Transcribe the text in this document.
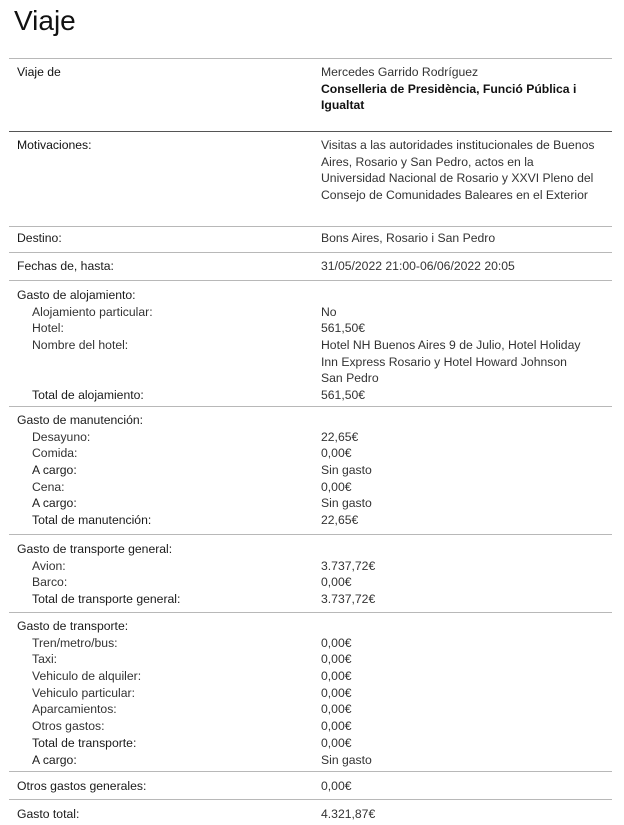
Viaje
Viaje de	Mercedes Garrido Rodríguez
Conselleria de Presidència, Funció Pública i Igualtat
Motivaciones:	Visitas a las autoridades institucionales de Buenos Aires, Rosario y San Pedro, actos en la Universidad Nacional de Rosario y XXVI Pleno del Consejo de Comunidades Baleares en el Exterior
Destino:	Bons Aires, Rosario i San Pedro
Fechas de, hasta:	31/05/2022 21:00-06/06/2022 20:05
Gasto de alojamiento:
Alojamiento particular:	No
Hotel:	561,50€
Nombre del hotel:	Hotel NH Buenos Aires 9 de Julio, Hotel Holiday Inn Express Rosario y Hotel Howard Johnson San Pedro
Total de alojamiento:	561,50€
Gasto de manutención:
Desayuno:	22,65€
Comida:	0,00€
A cargo:	Sin gasto
Cena:	0,00€
A cargo:	Sin gasto
Total de manutención:	22,65€
Gasto de transporte general:
Avion:	3.737,72€
Barco:	0,00€
Total de transporte general:	3.737,72€
Gasto de transporte:
Tren/metro/bus:	0,00€
Taxi:	0,00€
Vehiculo de alquiler:	0,00€
Vehiculo particular:	0,00€
Aparcamientos:	0,00€
Otros gastos:	0,00€
Total de transporte:	0,00€
A cargo:	Sin gasto
Otros gastos generales:	0,00€
Gasto total:	4.321,87€
